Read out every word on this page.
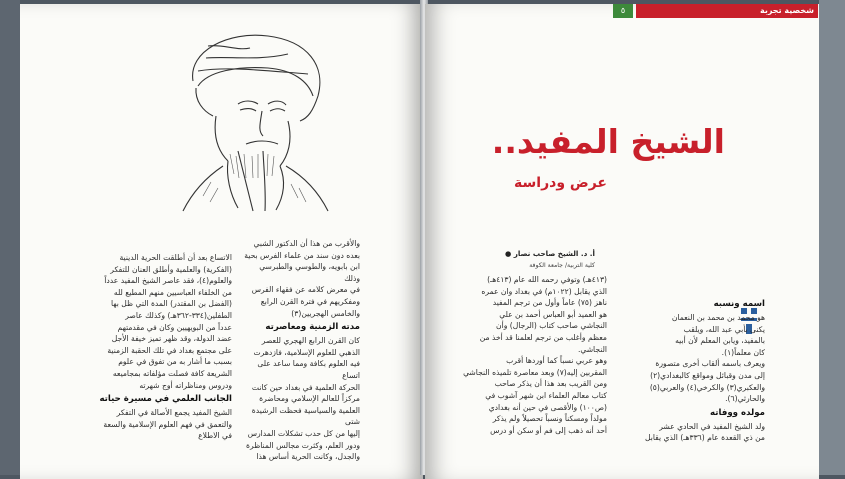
والأقرب من هذا أن الدكتور الشبي

بعده دون سند من علماء الفرس بحية

ابن بابويه، والطوسي والطبرسي وذلك

في معرض كلامه عن فقهاء الفرس

ومفكريهم في فترة القرن الرابع

والخامس الهجريين(٣)

مدته الزمنية ومعاصرته

كان القرن الرابع الهجري للعصر

الذهبي للعلوم الإسلامية، فازدهرت

فيه العلوم بكافة ومما ساعد على اتساع

الحركة العلمية في بغداد حين كانت

مركزاً للعالم الإسلامي ومحاضرة

العلمية والسياسية فحظت الرشيدة شتى

إليها من كل حدب تشكلات المدارس

ودور العلم، وكثرت مجالس المناظرة

والجدل، وكانت الحرية أساس هذا

الاتساع بعد أن أطلقت الحرية الدينية

(الفكرية) والعلمية وأطلق العنان للتفكر

والعلوم(٤)، فقد عاصر الشيخ المفيد عدداً

من الخلفاء العباسيين منهم المطيع لله

(الفضل بن المقتدر) المدة التي ظل بها

الطفلين(٣٣٤-٣٦٢هـ) وكذلك عاصر

عدداً من البويهيين وكان في مقدمتهم

عضد الدولة، وقد ظهر تميز خيفة الأجل

على مجتمع بغداد في تلك الحقبة الزمنية

بسبب ما أشار به من تفوق في علوم

الشريعة كافة فصلت مؤلفاته بمجاميعه

ودروس ومناظراته أوج شهرته

الجانب العلمي في مسيرة حياته

الشيخ المفيد يجمع الأصالة في التفكر

والتعمق في فهم العلوم الإسلامية والسعة

في الاطلاع

٥	شخصية تجربة
الشيخ المفيد..
عرض ودراسة
أ. د. الشيخ صاحب نصار ●
كلية التربية/ جامعة الكوفة

(٤١٣هـ) وتوفي رحمه الله عام (٤١٣هـ)

الذي يقابل (١٠٢٢م) في بغداد وان عمره

ناهز (٧٥) عاماً وأول من ترجم المفيد

هو العميد أبو العباس أحمد بن علي

النجاشي صاحب كتاب (الرجال) وأن

معظم وأغلب من ترجم لعلمنا قد أخذ من

النجاشي.

وهو عربي نسباً كما أوردها أقرب

المقربين إليه(٧) وبعد معاصرة تلميذه النجاشي

ومن القريب بعد هذا أن يذكر صاحب

كتاب معالم العلماء ابن شهر آشوب في

(ص١٠٠) والأقصى في حين أنه بغدادي

مولداً ومسكناً ونسباً تحصيلاً ولم يذكر

أحد أنه ذهب إلى فم أو سكن أو درس

اسمه ونسبه

هو محمد بن محمد بن النعمان

يكنى بأبي عبد الله، ويلقب

بالمفيد، ويابن المعلم لأن أبيه

كان معلماً(١).

ويعرف باسمه ألقاب أخرى متصورة

إلى مدن وقبائل ومواقع كالبغدادي(٢)

والعكبري(٣) والكرخي(٤) والعربي(٥)

والحارثي(٦).

مولده ووفاته

ولد الشيخ المفيد في الحادي عشر

من ذي القعدة عام (٣٣٦هـ) الذي يقابل
